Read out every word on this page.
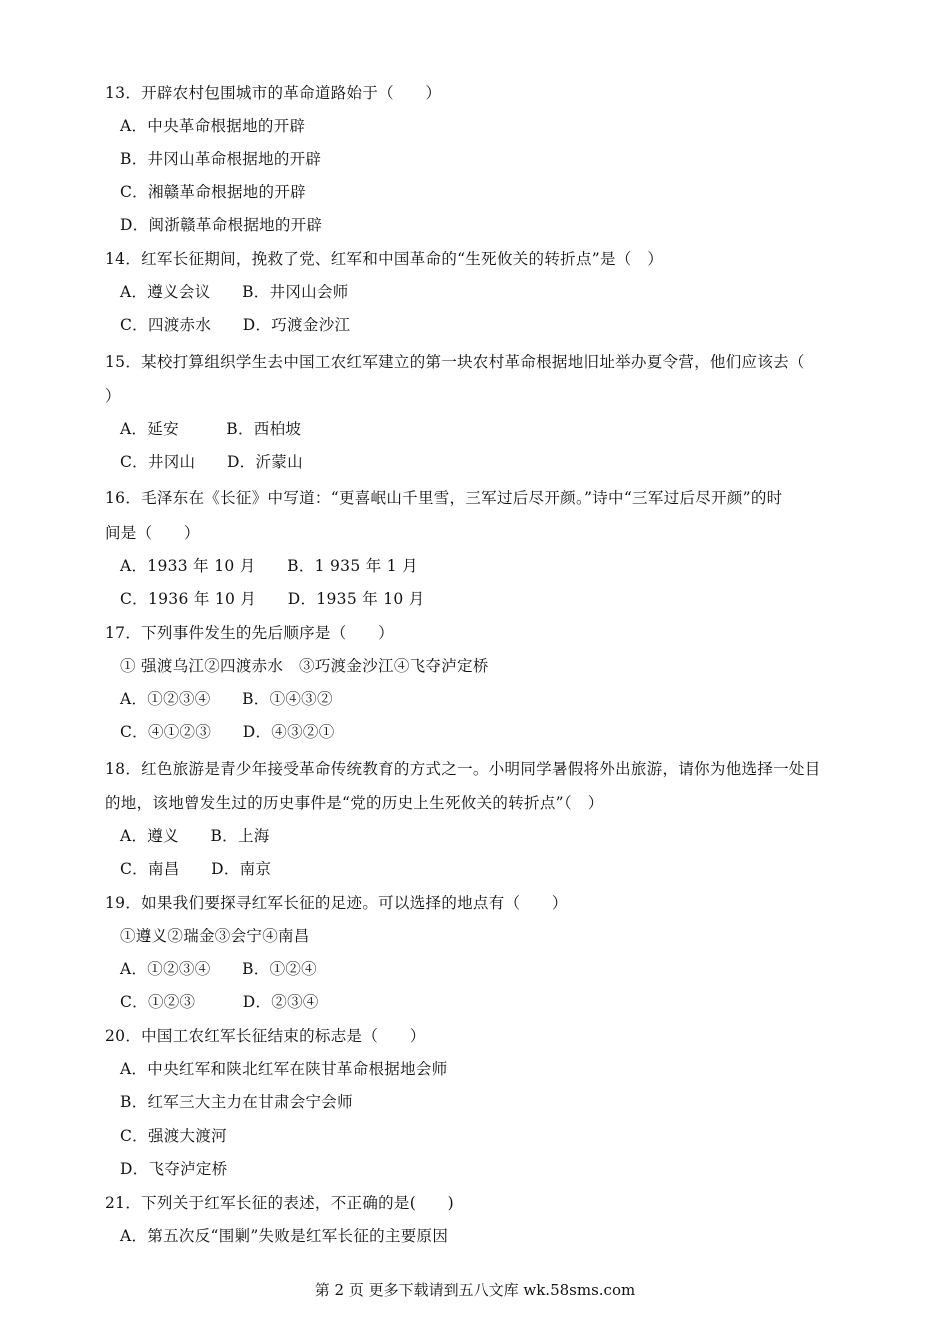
13．开辟农村包围城市的革命道路始于（　　）
A．中央革命根据地的开辟
B．井冈山革命根据地的开辟
C．湘赣革命根据地的开辟
D．闽浙赣革命根据地的开辟
14．红军长征期间，挽救了党、红军和中国革命的“生死攸关的转折点”是（　）
A．遵义会议　　B．井冈山会师
C．四渡赤水　　D．巧渡金沙江
15．某校打算组织学生去中国工农红军建立的第一块农村革命根据地旧址举办夏令营，他们应该去（
）
A．延安　　　B．西柏坡
C．井冈山　　D．沂蒙山
16．毛泽东在《长征》中写道：“更喜岷山千里雪，三军过后尽开颜。”诗中“三军过后尽开颜”的时
间是（　　）
A．1933 年 10 月　　B．1 935 年 1 月
C．1936 年 10 月　　D．1935 年 10 月
17．下列事件发生的先后顺序是（　　）
① 强渡乌江②四渡赤水　③巧渡金沙江④飞夺泸定桥
A．①②③④　　B．①④③②
C．④①②③　　D．④③②①
18．红色旅游是青少年接受革命传统教育的方式之一。小明同学暑假将外出旅游，请你为他选择一处目
的地，该地曾发生过的历史事件是“党的历史上生死攸关的转折点”（　）
A．遵义　　B．上海
C．南昌　　D．南京
19．如果我们要探寻红军长征的足迹。可以选择的地点有（　　）
①遵义②瑞金③会宁④南昌
A．①②③④　　B．①②④
C．①②③　　　D．②③④
20．中国工农红军长征结束的标志是（　　）
A．中央红军和陕北红军在陕甘革命根据地会师
B．红军三大主力在甘肃会宁会师
C．强渡大渡河
D．飞夺泸定桥
21．下列关于红军长征的表述，不正确的是(　　)
A．第五次反“围剿”失败是红军长征的主要原因
第 2 页 更多下载请到五八文库 wk.58sms.com
